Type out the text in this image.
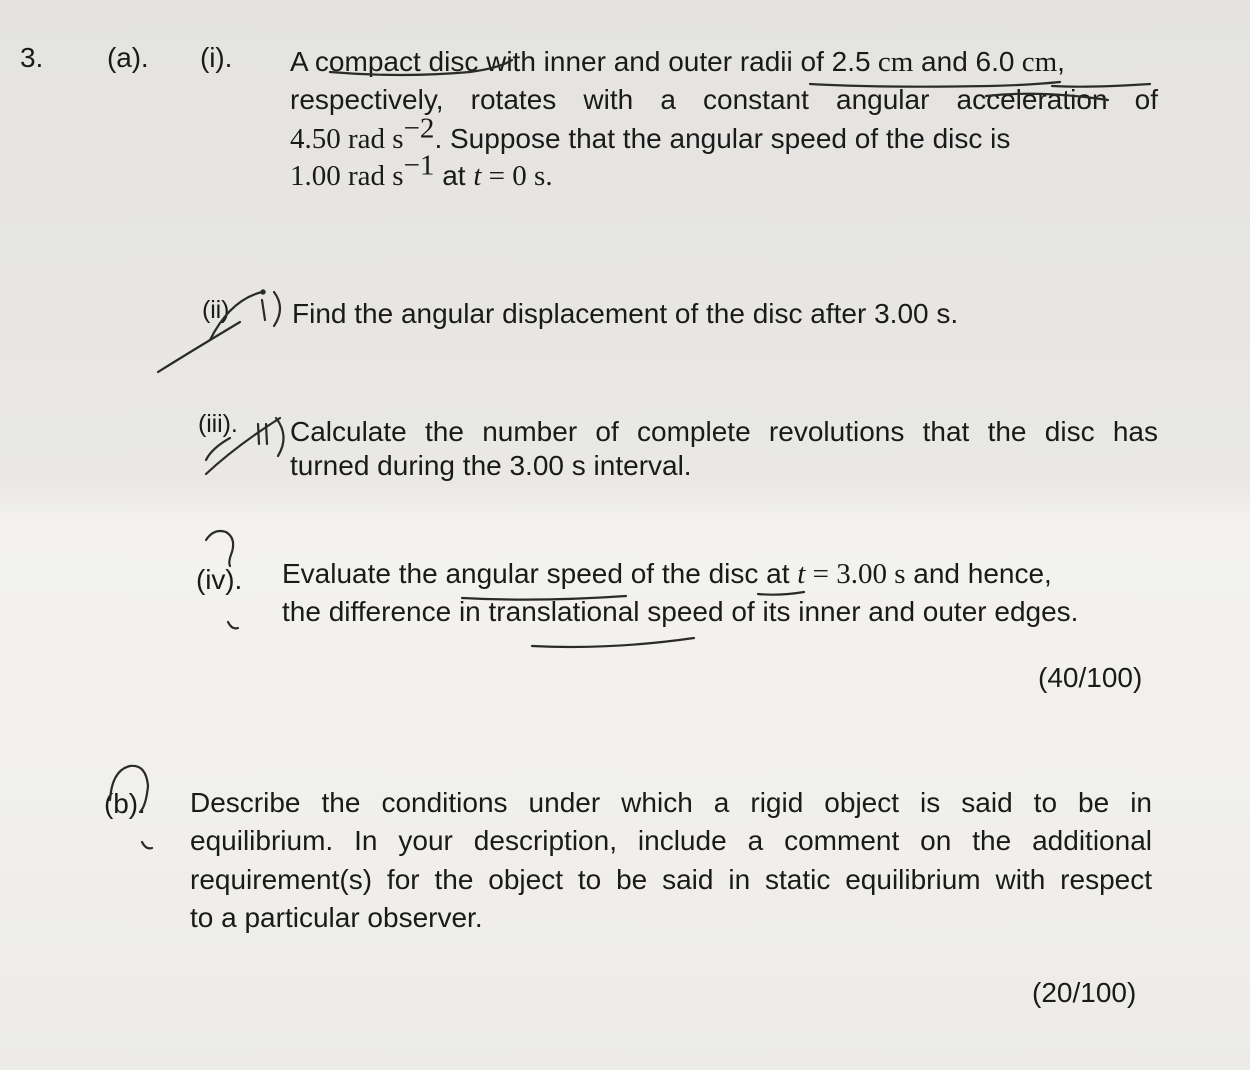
3. (a). (i). A compact disc with inner and outer radii of 2.5 cm and 6.0 cm,
respectively, rotates with a constant angular acceleration of
4.50 rad $s^{-2}$. Suppose that the angular speed of the disc is
1.00 rad $s^{-1}$ at t = 0 s.
(ii) Find the angular displacement of the disc after 3.00 s.
(iii). Calculate the number of complete revolutions that the disc has
turned during the 3.00 s interval.
(iv). Evaluate the angular speed of the disc at t = 3.00 s and hence,
the difference in translational speed of its inner and outer edges.
(40/100)
(b). Describe the conditions under which a rigid object is said to be in
equilibrium. In your description, include a comment on the additional
requirement(s) for the object to be said in static equilibrium with respect
to a particular observer.
(20/100)
